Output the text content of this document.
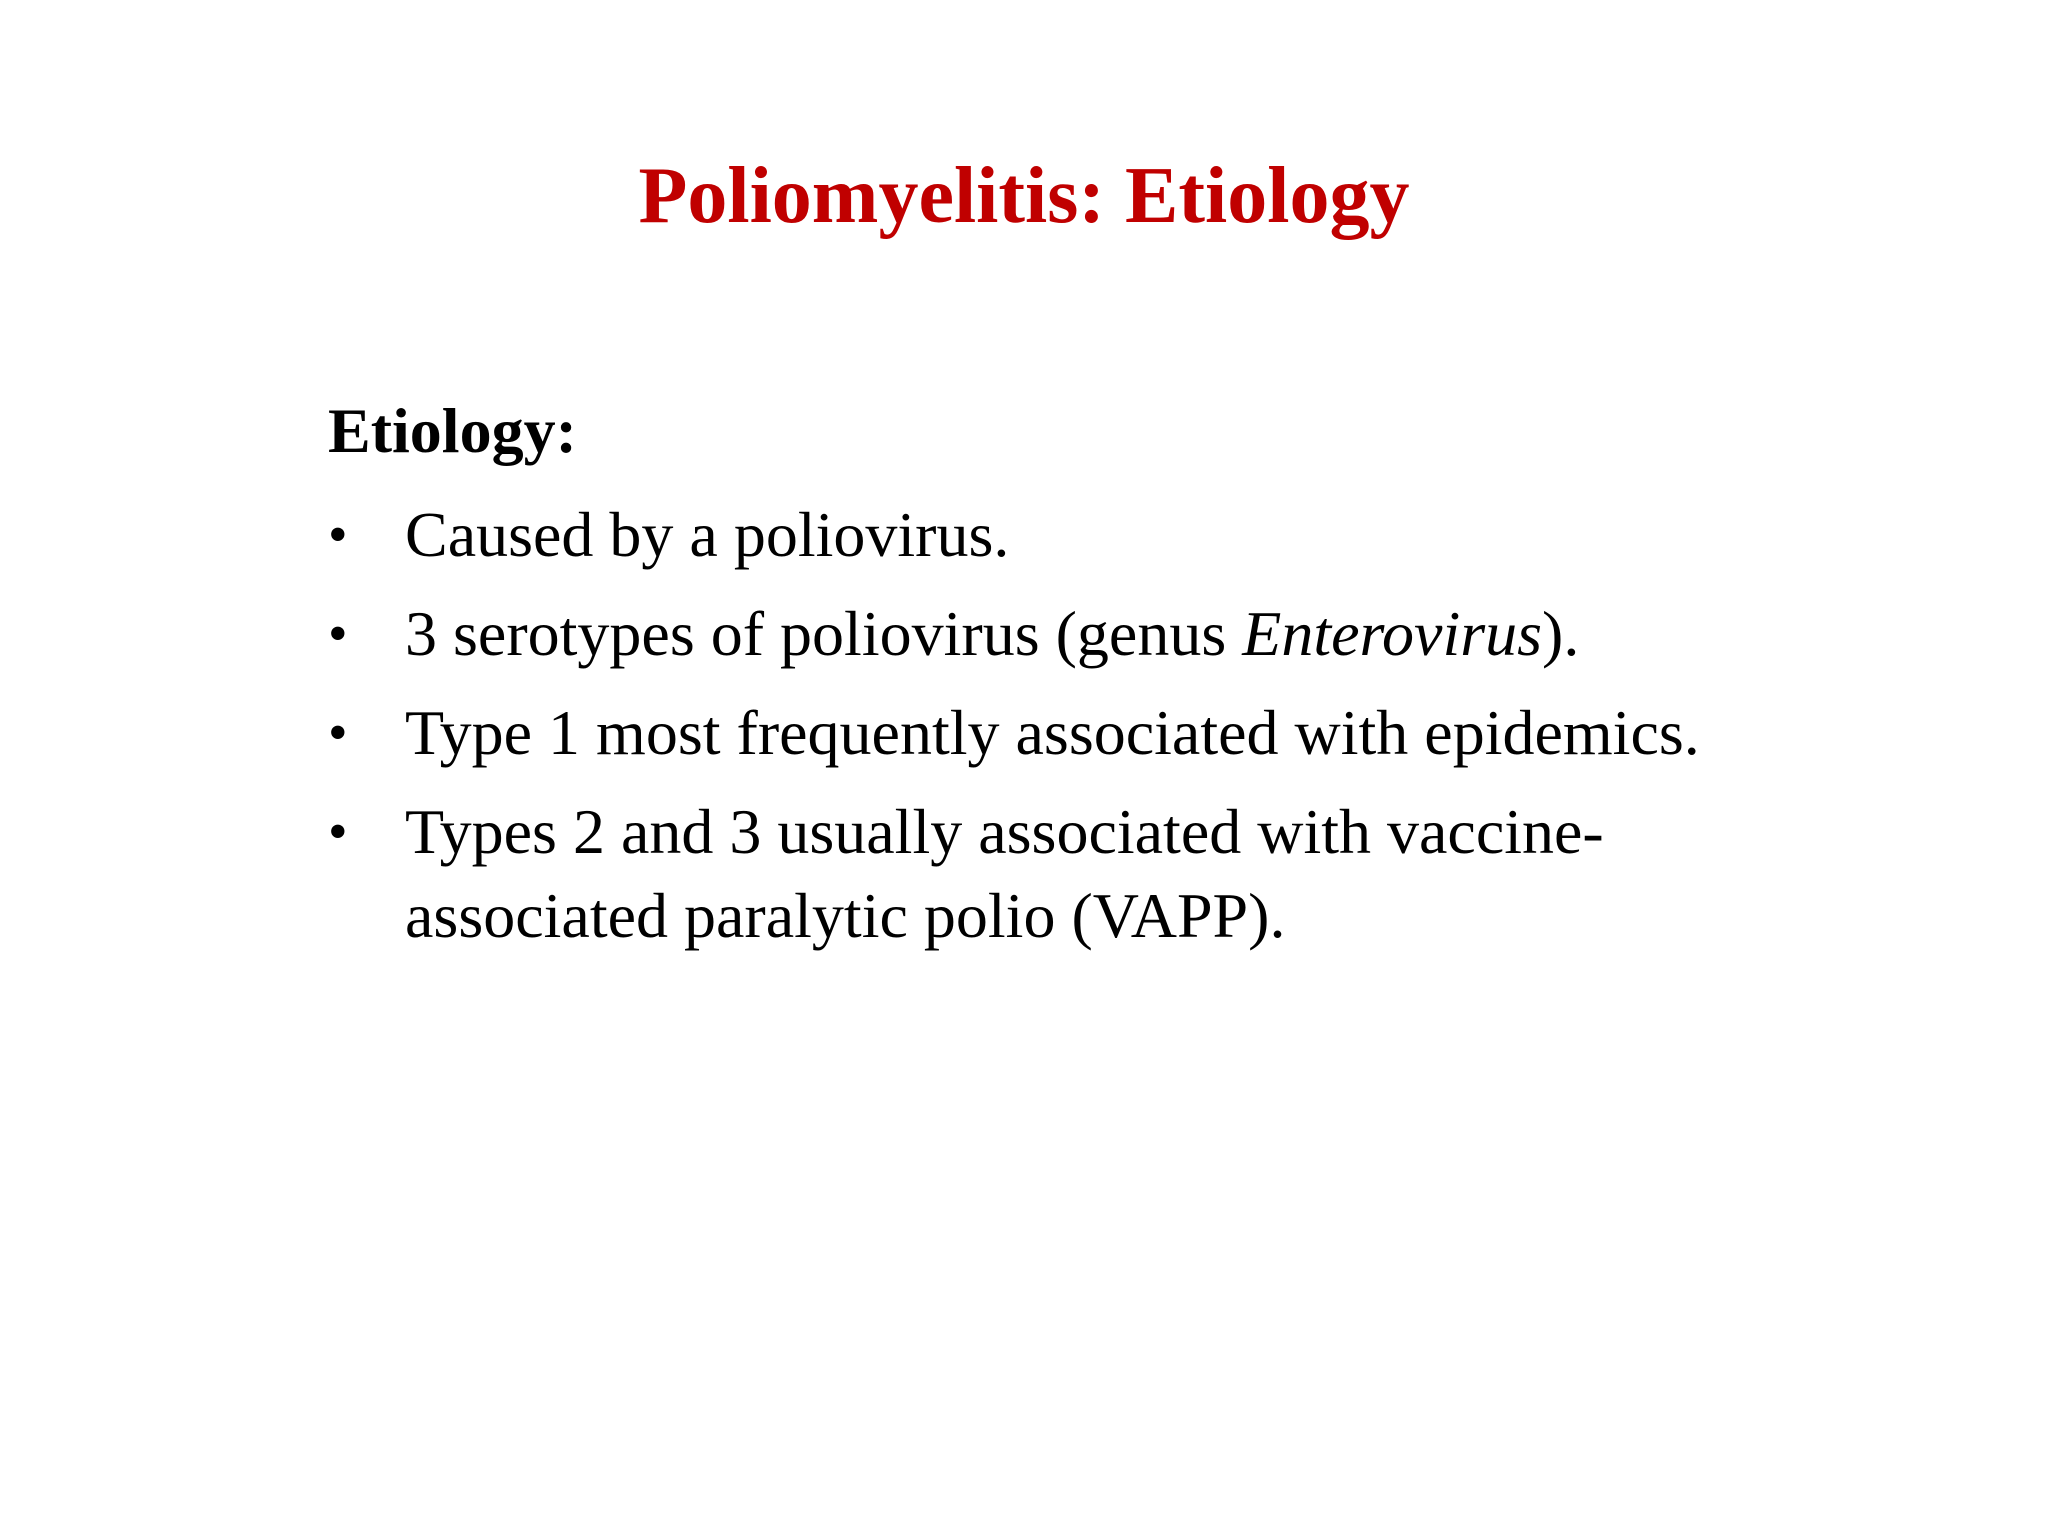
Poliomyelitis: Etiology

Etiology:

• Caused by a poliovirus.
• 3 serotypes of poliovirus (genus Enterovirus).
• Type 1 most frequently associated with epidemics.
• Types 2 and 3 usually associated with vaccine-associated paralytic polio (VAPP).
